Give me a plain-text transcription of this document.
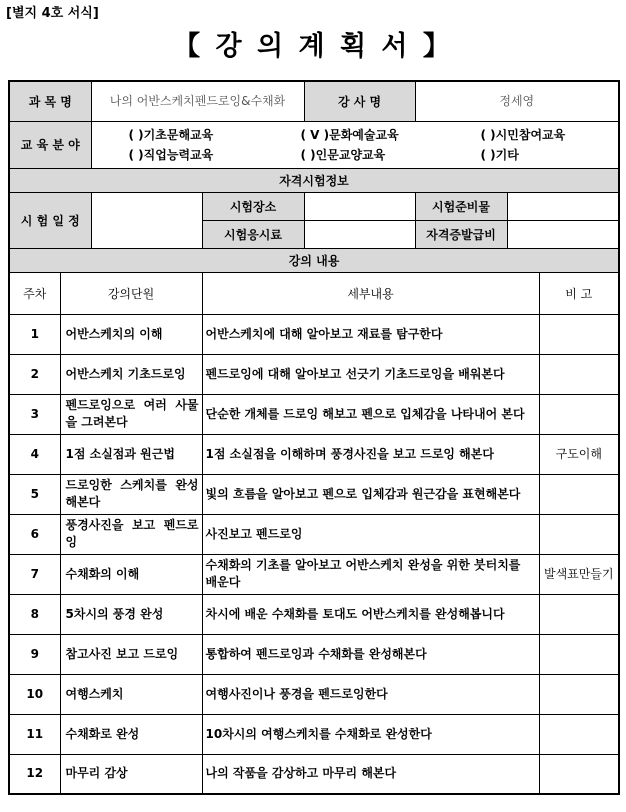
[별지 4호 서식]
【 강 의 계 획 서 】
과 목 명		나의 어반스케치펜드로잉&수채화		강 사 명	정세영		
교 육 분 야		( )기초문해교육 ( V )문화예술교육 ( )시민참여교육
( )직업능력교육 ( )인문교양교육 ( )기타					

자격시험정보							
시 험 일 정			시험장소		시험준비물		
			시험응시료		자격증발급비		
강의 내용							
주차	강의단원		세부내용				비 고
1	어반스케치의 이해		어반스케치에 대해 알아보고 재료를 탐구한다				
2	어반스케치 기초드로잉		펜드로잉에 대해 알아보고 선긋기 기초드로잉을 배워본다				
3	펜드로잉으로 여러 사물을 그려본다		단순한 개체를 드로잉 해보고 펜으로 입체감을 나타내어 본다				
4	1점 소실점과 원근법		1점 소실점을 이해하며 풍경사진을 보고 드로잉 해본다				구도이해
5	드로잉한 스케치를 완성해본다		빛의 흐름을 알아보고 펜으로 입체감과 원근감을 표현해본다				
6	풍경사진을 보고 펜드로잉		사진보고 펜드로잉				
7	수채화의 이해		수채화의 기초를 알아보고 어반스케치 완성을 위한 붓터치를 배운다				발색표만들기
8	5차시의 풍경 완성		차시에 배운 수채화를 토대도 어반스케치를 완성해봅니다				
9	참고사진 보고 드로잉		통합하여 펜드로잉과 수채화를 완성해본다				
10	여행스케치		여행사진이나 풍경을 펜드로잉한다				
11	수채화로 완성		10차시의 여행스케치를 수채화로 완성한다				
12	마무리 감상		나의 작품을 감상하고 마무리 해본다				
